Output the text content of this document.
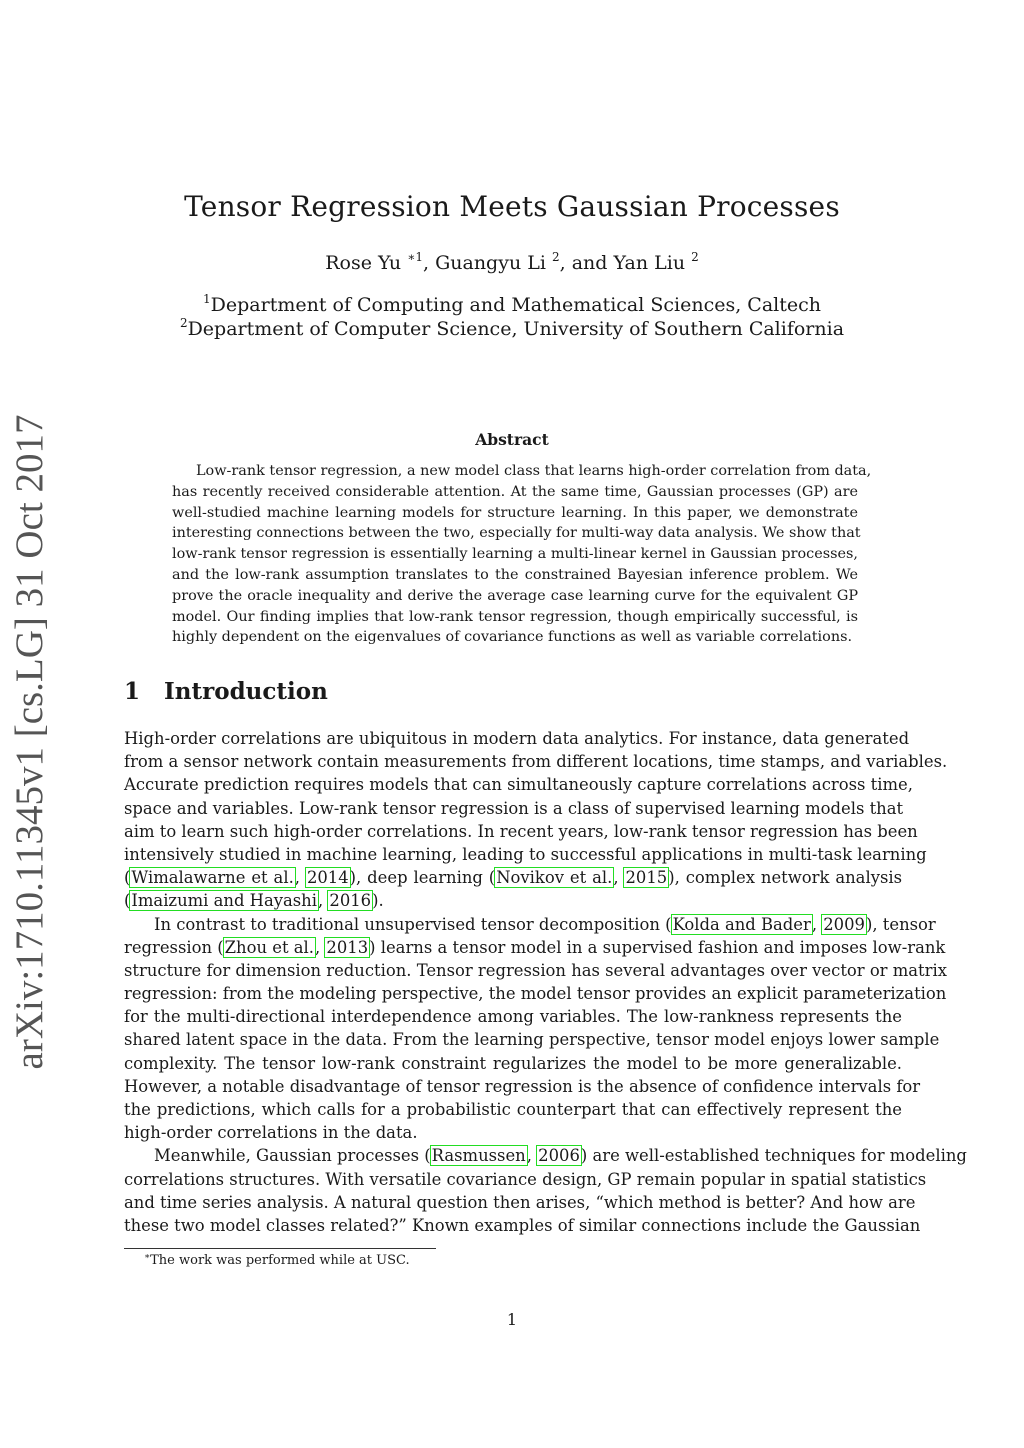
arXiv:1710.11345v1 [cs.LG] 31 Oct 2017
Tensor Regression Meets Gaussian Processes
Rose Yu $^{∗1}$, Guangyu Li $^2$, and Yan Liu $^2$
$^1$Department of Computing and Mathematical Sciences, Caltech
$^2$Department of Computer Science, University of Southern California
Abstract
Low-rank tensor regression, a new model class that learns high-order correlation from data,
has recently received considerable attention. At the same time, Gaussian processes (GP) are
well-studied machine learning models for structure learning. In this paper, we demonstrate
interesting connections between the two, especially for multi-way data analysis. We show that
low-rank tensor regression is essentially learning a multi-linear kernel in Gaussian processes,
and the low-rank assumption translates to the constrained Bayesian inference problem. We
prove the oracle inequality and derive the average case learning curve for the equivalent GP
model. Our finding implies that low-rank tensor regression, though empirically successful, is
highly dependent on the eigenvalues of covariance functions as well as variable correlations.
1 Introduction
High-order correlations are ubiquitous in modern data analytics. For instance, data generated
from a sensor network contain measurements from different locations, time stamps, and variables.
Accurate prediction requires models that can simultaneously capture correlations across time,
space and variables. Low-rank tensor regression is a class of supervised learning models that
aim to learn such high-order correlations. In recent years, low-rank tensor regression has been
intensively studied in machine learning, leading to successful applications in multi-task learning
(Wimalawarne et al., 2014), deep learning (Novikov et al., 2015), complex network analysis
(Imaizumi and Hayashi, 2016).
In contrast to traditional unsupervised tensor decomposition (Kolda and Bader, 2009), tensor
regression (Zhou et al., 2013) learns a tensor model in a supervised fashion and imposes low-rank
structure for dimension reduction. Tensor regression has several advantages over vector or matrix
regression: from the modeling perspective, the model tensor provides an explicit parameterization
for the multi-directional interdependence among variables. The low-rankness represents the
shared latent space in the data. From the learning perspective, tensor model enjoys lower sample
complexity. The tensor low-rank constraint regularizes the model to be more generalizable.
However, a notable disadvantage of tensor regression is the absence of confidence intervals for
the predictions, which calls for a probabilistic counterpart that can effectively represent the
high-order correlations in the data.
Meanwhile, Gaussian processes (Rasmussen, 2006) are well-established techniques for modeling
correlations structures. With versatile covariance design, GP remain popular in spatial statistics
and time series analysis. A natural question then arises, “which method is better? And how are
these two model classes related?” Known examples of similar connections include the Gaussian
∗The work was performed while at USC.
1
